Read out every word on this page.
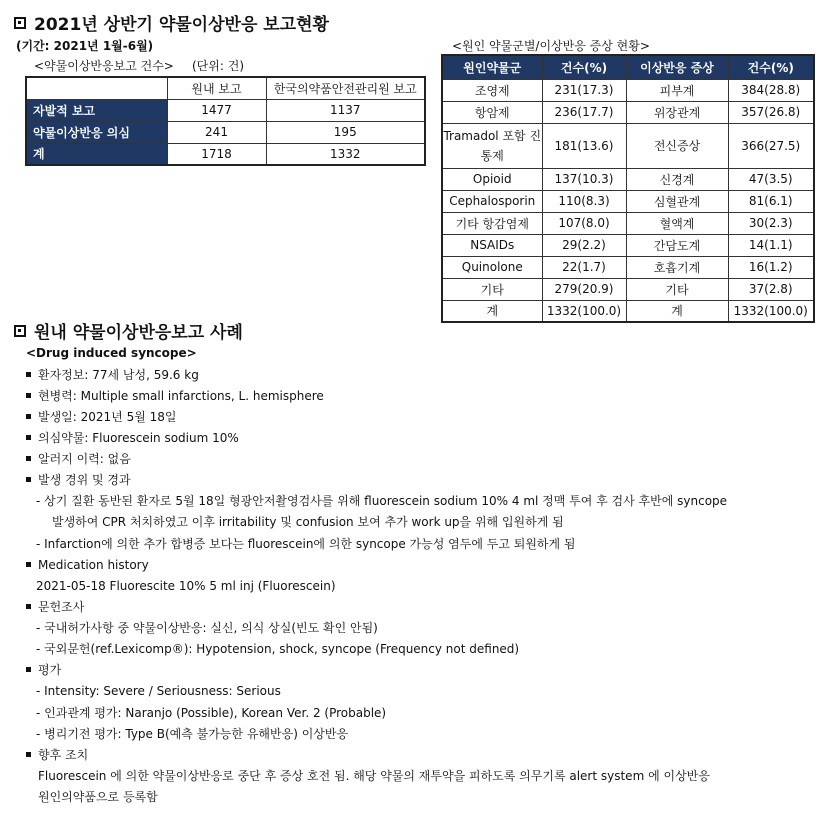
2021년 상반기 약물이상반응 보고현황
(기간: 2021년 1월-6월)
<약물이상반응보고 건수> (단위: 건)
	원내 보고	한국의약품안전관리원 보고
자발적 보고	1477	1137
약물이상반응 의심	241	195
계	1718	1332
<원인 약물군별/이상반응 증상 현황>
원인약물군	건수(%)	이상반응 증상	건수(%)
조영제	231(17.3)	피부계	384(28.8)
항암제	236(17.7)	위장관계	357(26.8)
Tramadol 포함 진통제	181(13.6)	전신증상	366(27.5)
Opioid	137(10.3)	신경계	47(3.5)
Cephalosporin	110(8.3)	심혈관계	81(6.1)
기타 항감염제	107(8.0)	혈액계	30(2.3)
NSAIDs	29(2.2)	간담도계	14(1.1)
Quinolone	22(1.7)	호흡기계	16(1.2)
기타	279(20.9)	기타	37(2.8)
계	1332(100.0)	계	1332(100.0)
원내 약물이상반응보고 사례
<Drug induced syncope>
환자정보: 77세 남성, 59.6 kg
현병력: Multiple small infarctions, L. hemisphere
발생일: 2021년 5월 18일
의심약물: Fluorescein sodium 10%
알러지 이력: 없음
발생 경위 및 경과
- 상기 질환 동반된 환자로 5월 18일 형광안저촬영검사를 위해 fluorescein sodium 10% 4 ml 정맥 투여 후 검사 후반에 syncope
발생하여 CPR 처치하였고 이후 irritability 및 confusion 보여 추가 work up을 위해 입원하게 됨
- Infarction에 의한 추가 합병증 보다는 fluorescein에 의한 syncope 가능성 염두에 두고 퇴원하게 됨
Medication history
2021-05-18 Fluorescite 10% 5 ml inj (Fluorescein)
문헌조사
- 국내허가사항 중 약물이상반응: 실신, 의식 상실(빈도 확인 안됨)
- 국외문헌(ref.Lexicomp®): Hypotension, shock, syncope (Frequency not defined)
평가
- Intensity: Severe / Seriousness: Serious
- 인과관계 평가: Naranjo (Possible), Korean Ver. 2 (Probable)
- 병리기전 평가: Type B(예측 불가능한 유해반응) 이상반응
향후 조치
Fluorescein 에 의한 약물이상반응로 중단 후 증상 호전 됨. 해당 약물의 재투약을 피하도록 의무기록 alert system 에 이상반응
원인의약품으로 등록함
